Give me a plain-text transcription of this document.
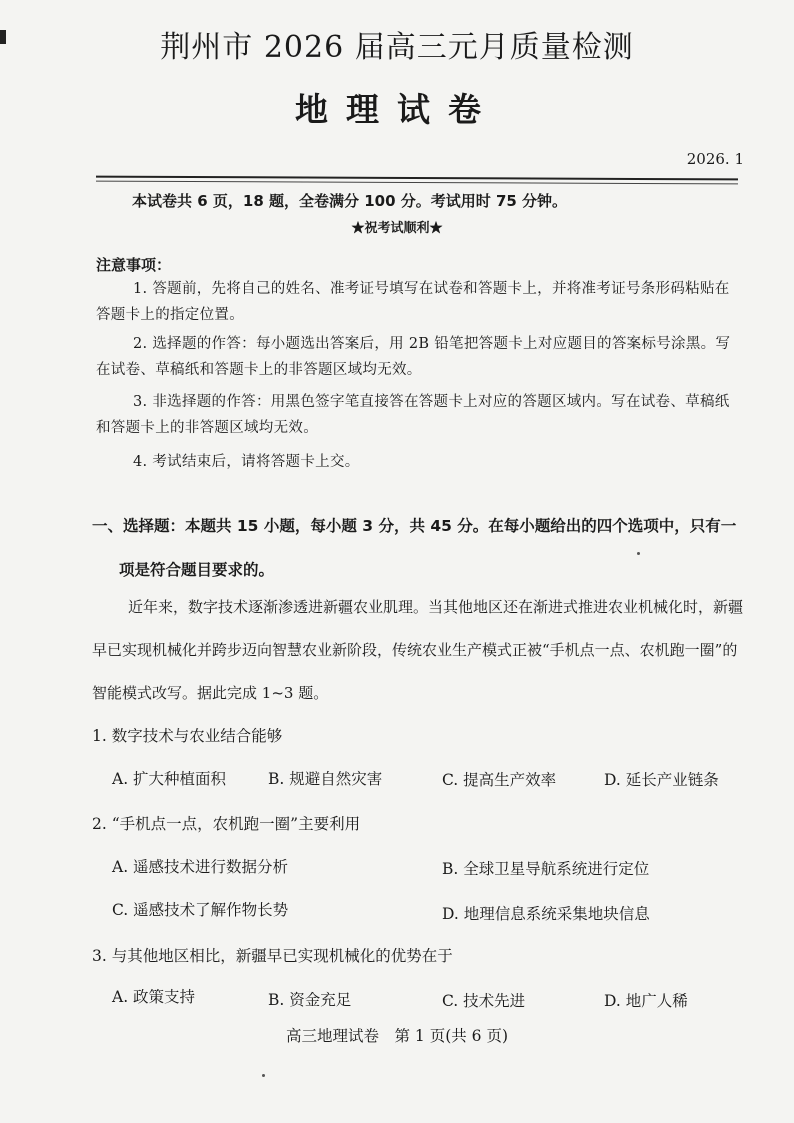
荆州市 2026 届高三元月质量检测
地理试卷
2026. 1
本试卷共 6 页，18 题，全卷满分 100 分。考试用时 75 分钟。
★祝考试顺利★
注意事项：
1. 答题前，先将自己的姓名、准考证号填写在试卷和答题卡上，并将准考证号条形码粘贴在答题卡上的指定位置。
2. 选择题的作答：每小题选出答案后，用 2B 铅笔把答题卡上对应题目的答案标号涂黑。写在试卷、草稿纸和答题卡上的非答题区域均无效。
3. 非选择题的作答：用黑色签字笔直接答在答题卡上对应的答题区域内。写在试卷、草稿纸和答题卡上的非答题区域均无效。
4. 考试结束后，请将答题卡上交。
一、选择题：本题共 15 小题，每小题 3 分，共 45 分。在每小题给出的四个选项中，只有一
项是符合题目要求的。
近年来，数字技术逐渐渗透进新疆农业肌理。当其他地区还在渐进式推进农业机械化时，新疆早已实现机械化并跨步迈向智慧农业新阶段，传统农业生产模式正被“手机点一点、农机跑一圈”的智能模式改写。据此完成 1~3 题。
1. 数字技术与农业结合能够
A. 扩大种植面积	B. 规避自然灾害	C. 提高生产效率	D. 延长产业链条
2. “手机点一点，农机跑一圈”主要利用
A. 遥感技术进行数据分析	B. 全球卫星导航系统进行定位
C. 遥感技术了解作物长势	D. 地理信息系统采集地块信息
3. 与其他地区相比，新疆早已实现机械化的优势在于
A. 政策支持	B. 资金充足	C. 技术先进	D. 地广人稀
高三地理试卷　第 1 页(共 6 页)
